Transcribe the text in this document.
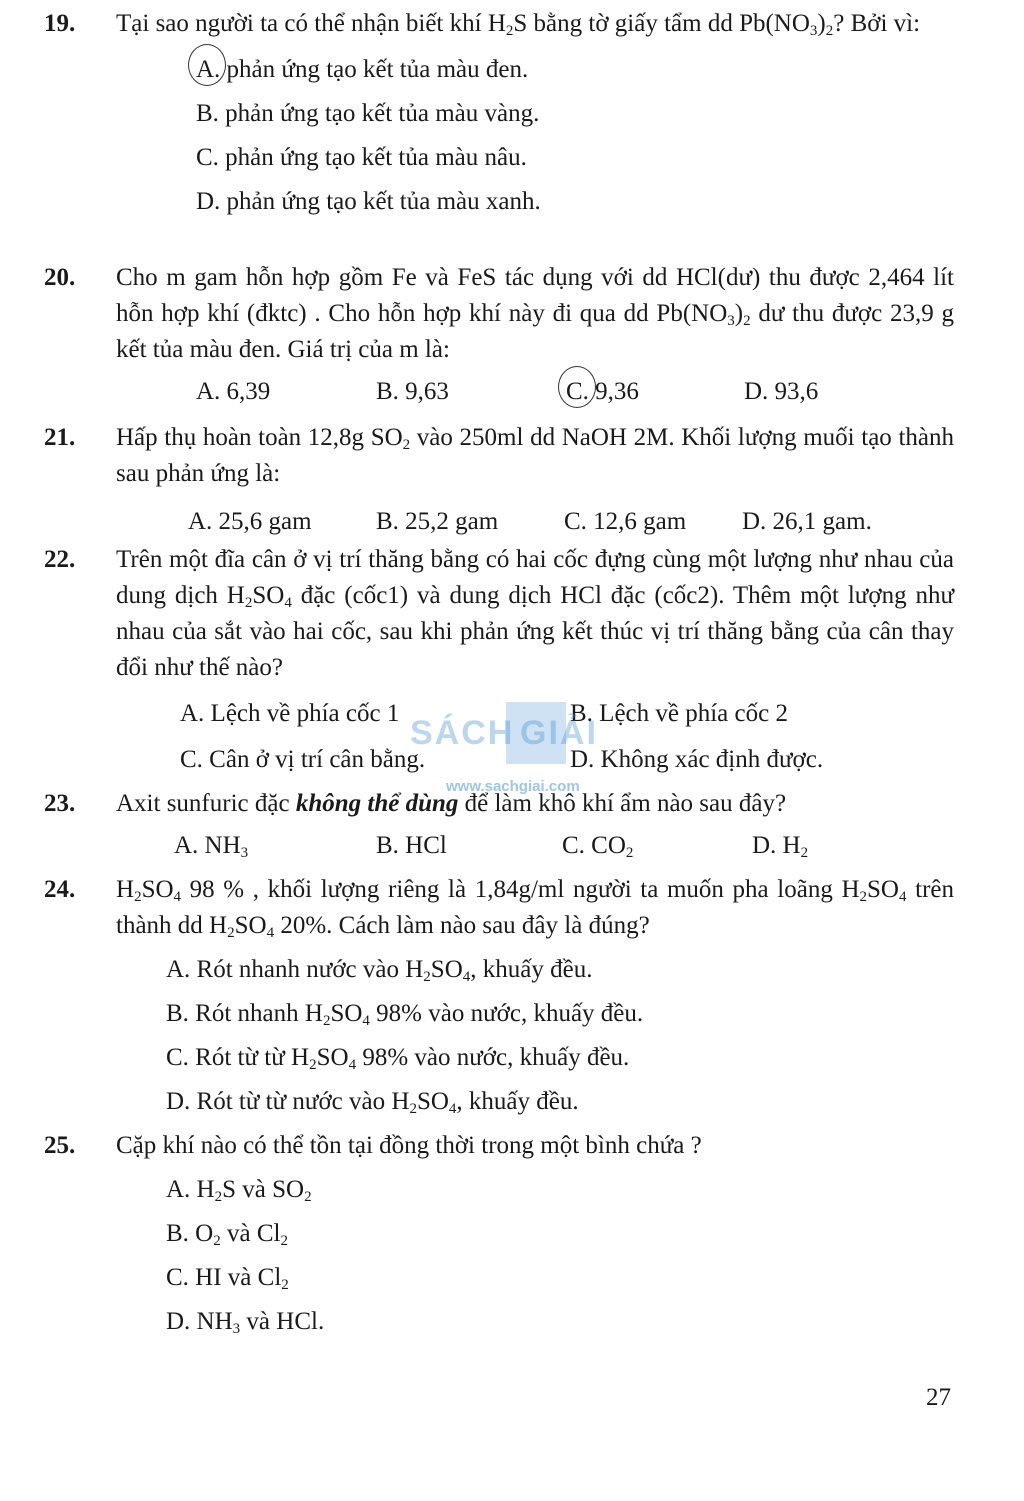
19.	Tại sao người ta có thể nhận biết khí $H_2S$ bằng tờ giấy tẩm dd $Pb(NO_3)_2$? Bởi vì:
A. phản ứng tạo kết tủa màu đen.
B. phản ứng tạo kết tủa màu vàng.
C. phản ứng tạo kết tủa màu nâu.
D. phản ứng tạo kết tủa màu xanh.
20.	Cho m gam hỗn hợp gồm Fe và FeS tác dụng với dd HCl(dư) thu được 2,464 lít hỗn hợp khí (đktc) . Cho hỗn hợp khí này đi qua dd $Pb(NO_3)_2$ dư thu được 23,9 g kết tủa màu đen. Giá trị của m là:
A. 6,39	B. 9,63	C. 9,36	D. 93,6
21.	Hấp thụ hoàn toàn 12,8g $SO_2$ vào 250ml dd NaOH 2M. Khối lượng muối tạo thành sau phản ứng là:
A. 25,6 gam	B. 25,2 gam	C. 12,6 gam D. 26,1 gam.
22.	Trên một đĩa cân ở vị trí thăng bằng có hai cốc đựng cùng một lượng như nhau của dung dịch $H_2SO_4$ đặc (cốc1) và dung dịch HCl đặc (cốc2). Thêm một lượng như nhau của sắt vào hai cốc, sau khi phản ứng kết thúc vị trí thăng bằng của cân thay đổi như thế nào?
A. Lệch về phía cốc 1	B. Lệch về phía cốc 2
C. Cân ở vị trí cân bằng.	D. Không xác định được.
23.	Axit sunfuric đặc không thể dùng để làm khô khí ẩm nào sau đây?
A. $NH_3$	B. HCl	C. $CO_2$	D. $H_2$
24.	$H_2SO_4$ 98 % , khối lượng riêng là 1,84g/ml người ta muốn pha loãng $H_2SO_4$ trên thành dd $H_2SO_4$ 20%. Cách làm nào sau đây là đúng?
A. Rót nhanh nước vào $H_2SO_4$, khuấy đều.
B. Rót nhanh $H_2SO_4$ 98% vào nước, khuấy đều.
C. Rót từ từ $H_2SO_4$ 98% vào nước, khuấy đều.
D. Rót từ từ nước vào $H_2SO_4$, khuấy đều.
25.	Cặp khí nào có thể tồn tại đồng thời trong một bình chứa ?
A. $H_2S$ và $SO_2$
B. $O_2$ và $Cl_2$
C. HI và $Cl_2$
D. $NH_3$ và HCl.
SÁCH GIẢI
www.sachgiai.com
27
